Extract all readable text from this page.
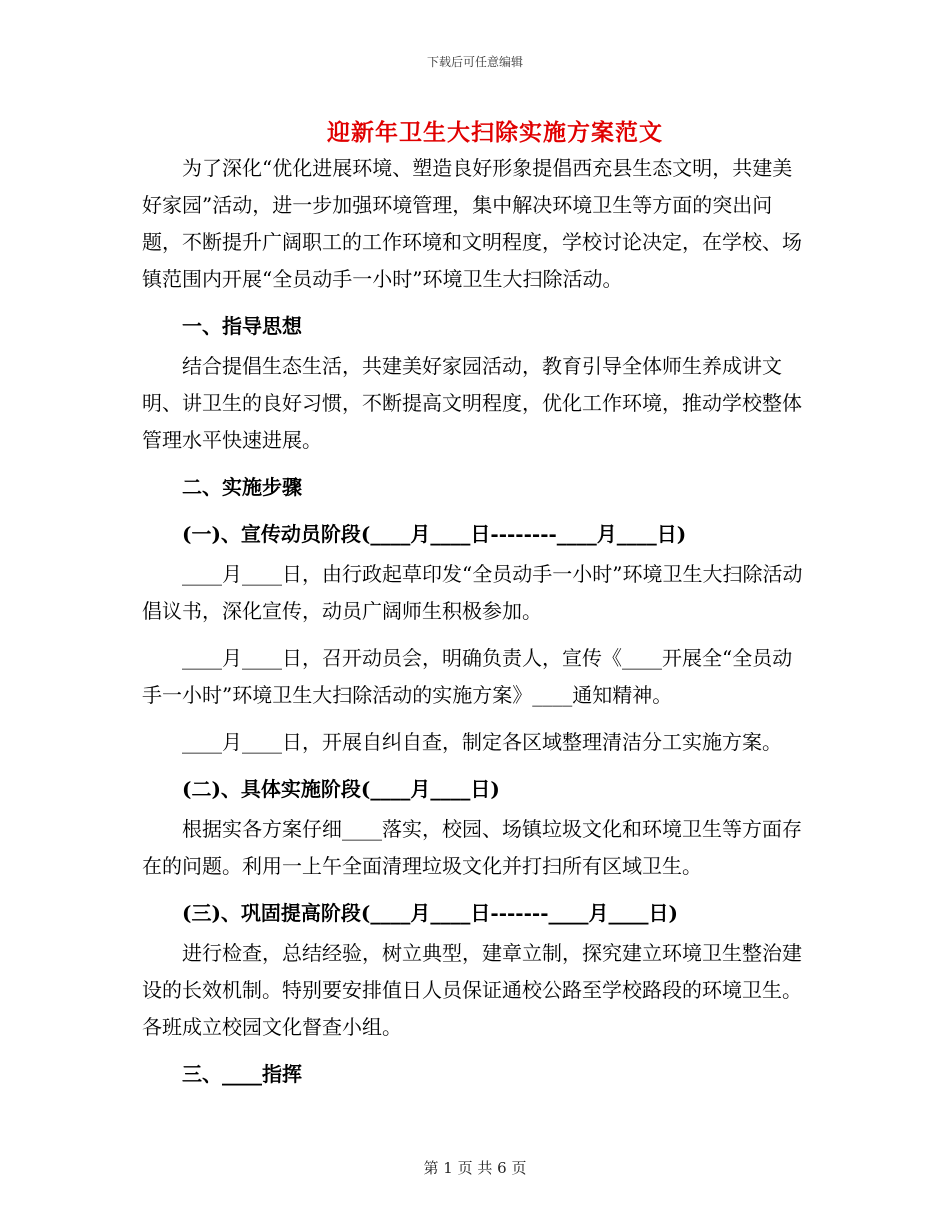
下载后可任意编辑
迎新年卫生大扫除实施方案范文

为了深化“优化进展环境、塑造良好形象提倡西充县生态文明，共建美好家园”活动，进一步加强环境管理，集中解决环境卫生等方面的突出问题，不断提升广阔职工的工作环境和文明程度，学校讨论决定，在学校、场镇范围内开展“全员动手一小时”环境卫生大扫除活动。

一、指导思想

结合提倡生态生活，共建美好家园活动，教育引导全体师生养成讲文明、讲卫生的良好习惯，不断提高文明程度，优化工作环境，推动学校整体管理水平快速进展。

二、实施步骤

(一)、宣传动员阶段(____月____日--------____月____日)

____月____日，由行政起草印发“全员动手一小时”环境卫生大扫除活动倡议书，深化宣传，动员广阔师生积极参加。

____月____日，召开动员会，明确负责人，宣传《____开展全“全员动手一小时”环境卫生大扫除活动的实施方案》____通知精神。

____月____日，开展自纠自查，制定各区域整理清洁分工实施方案。

(二)、具体实施阶段(____月____日)

根据实各方案仔细____落实，校园、场镇垃圾文化和环境卫生等方面存在的问题。利用一上午全面清理垃圾文化并打扫所有区域卫生。

(三)、巩固提高阶段(____月____日-------____月____日)

进行检查，总结经验，树立典型，建章立制，探究建立环境卫生整治建设的长效机制。特别要安排值日人员保证通校公路至学校路段的环境卫生。各班成立校园文化督查小组。

三、____指挥

第 1 页 共 6 页
